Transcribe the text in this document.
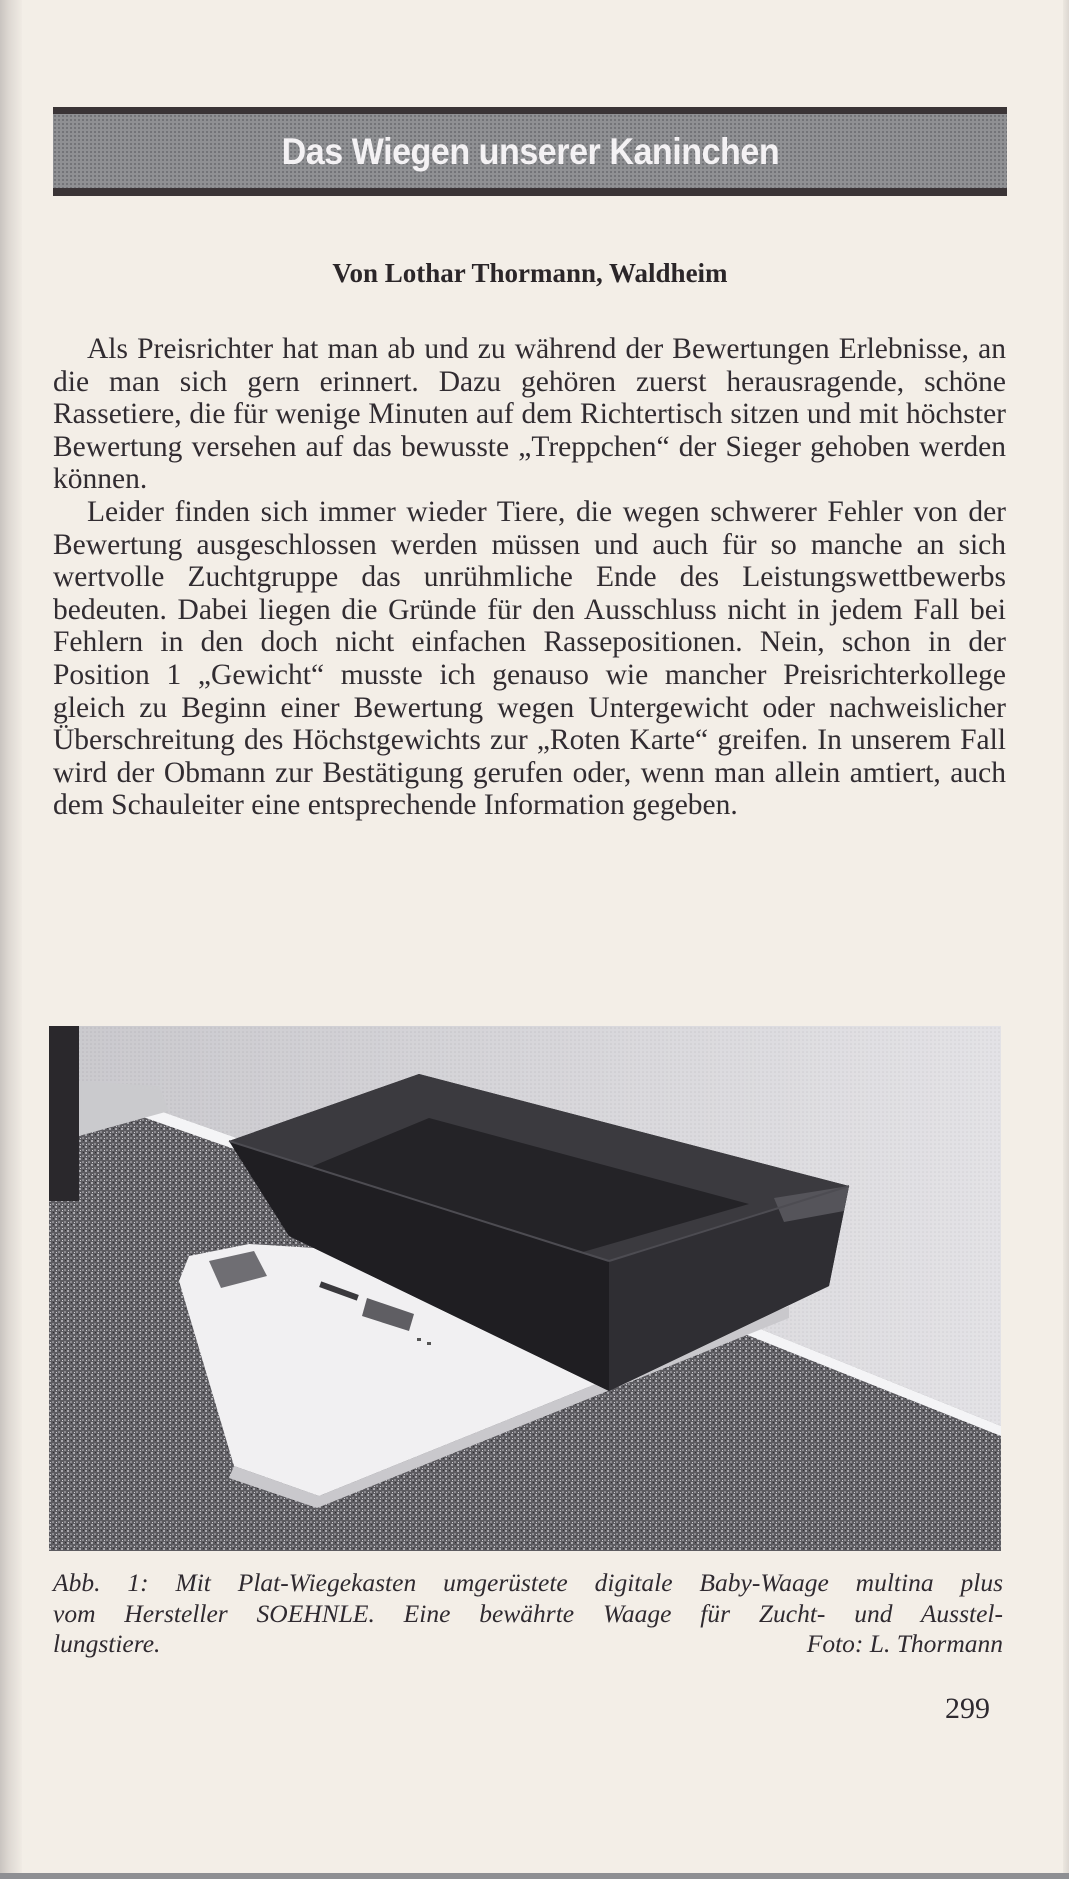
Das Wiegen unserer Kaninchen
Von Lothar Thormann, Waldheim

Als Preisrichter hat man ab und zu während der Bewertungen Erlebnisse, an die man sich gern erinnert. Dazu gehören zuerst herausragende, schöne Rassetiere, die für wenige Minuten auf dem Richtertisch sitzen und mit höchster Bewertung versehen auf das bewusste „Treppchen“ der Sieger gehoben werden können.

Leider finden sich immer wieder Tiere, die wegen schwerer Fehler von der Bewertung ausgeschlossen werden müssen und auch für so manche an sich wertvolle Zuchtgruppe das unrühmliche Ende des Leistungswettbewerbs bedeuten. Dabei liegen die Gründe für den Ausschluss nicht in jedem Fall bei Fehlern in den doch nicht einfachen Rassepositionen. Nein, schon in der Position 1 „Gewicht“ musste ich genauso wie mancher Preisrichterkollege gleich zu Beginn einer Bewertung wegen Untergewicht oder nachweislicher Überschreitung des Höchstgewichts zur „Roten Karte“ greifen. In unserem Fall wird der Obmann zur Bestätigung gerufen oder, wenn man allein amtiert, auch dem Schauleiter eine entsprechende Information gegeben.

Abb. 1: Mit Plat-Wiegekasten umgerüstete digitale Baby-Waage multina plus
vom Hersteller SOEHNLE. Eine bewährte Waage für Zucht- und Ausstel-
lungstiere.	Foto: L. Thormann
299
